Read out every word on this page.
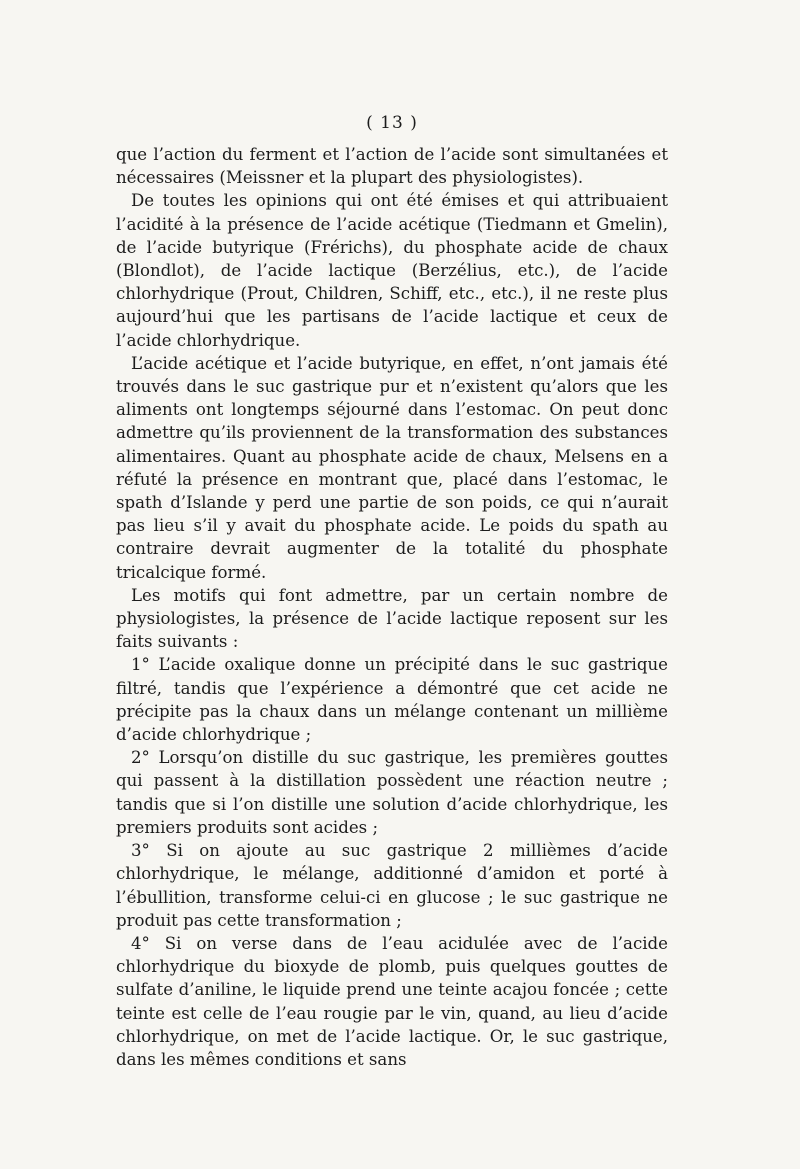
( 13 )

que l’action du ferment et l’action de l’acide sont simultanées et nécessaires (Meissner et la plupart des physiologistes).

De toutes les opinions qui ont été émises et qui attribuaient l’acidité à la présence de l’acide acétique (Tiedmann et Gmelin), de l’acide butyrique (Frérichs), du phosphate acide de chaux (Blondlot), de l’acide lactique (Berzélius, etc.), de l’acide chlorhydrique (Prout, Children, Schiff, etc., etc.), il ne reste plus aujourd’hui que les partisans de l’acide lactique et ceux de l’acide chlorhydrique.

L’acide acétique et l’acide butyrique, en effet, n’ont jamais été trouvés dans le suc gastrique pur et n’existent qu’alors que les aliments ont longtemps séjourné dans l’estomac. On peut donc admettre qu’ils proviennent de la transformation des substances alimentaires. Quant au phosphate acide de chaux, Melsens en a réfuté la présence en montrant que, placé dans l’estomac, le spath d’Islande y perd une partie de son poids, ce qui n’aurait pas lieu s’il y avait du phosphate acide. Le poids du spath au contraire devrait augmenter de la totalité du phosphate tricalcique formé.

Les motifs qui font admettre, par un certain nombre de physiologistes, la présence de l’acide lactique reposent sur les faits suivants :

1° L’acide oxalique donne un précipité dans le suc gastrique filtré, tandis que l’expérience a démontré que cet acide ne précipite pas la chaux dans un mélange contenant un millième d’acide chlorhydrique ;

2° Lorsqu’on distille du suc gastrique, les premières gouttes qui passent à la distillation possèdent une réaction neutre ; tandis que si l’on distille une solution d’acide chlorhydrique, les premiers produits sont acides ;

3° Si on ajoute au suc gastrique 2 millièmes d’acide chlorhydrique, le mélange, additionné d’amidon et porté à l’ébullition, transforme celui-ci en glucose ; le suc gastrique ne produit pas cette transformation ;

4° Si on verse dans de l’eau acidulée avec de l’acide chlorhydrique du bioxyde de plomb, puis quelques gouttes de sulfate d’aniline, le liquide prend une teinte acajou foncée ; cette teinte est celle de l’eau rougie par le vin, quand, au lieu d’acide chlorhydrique, on met de l’acide lactique. Or, le suc gastrique, dans les mêmes conditions et sans
